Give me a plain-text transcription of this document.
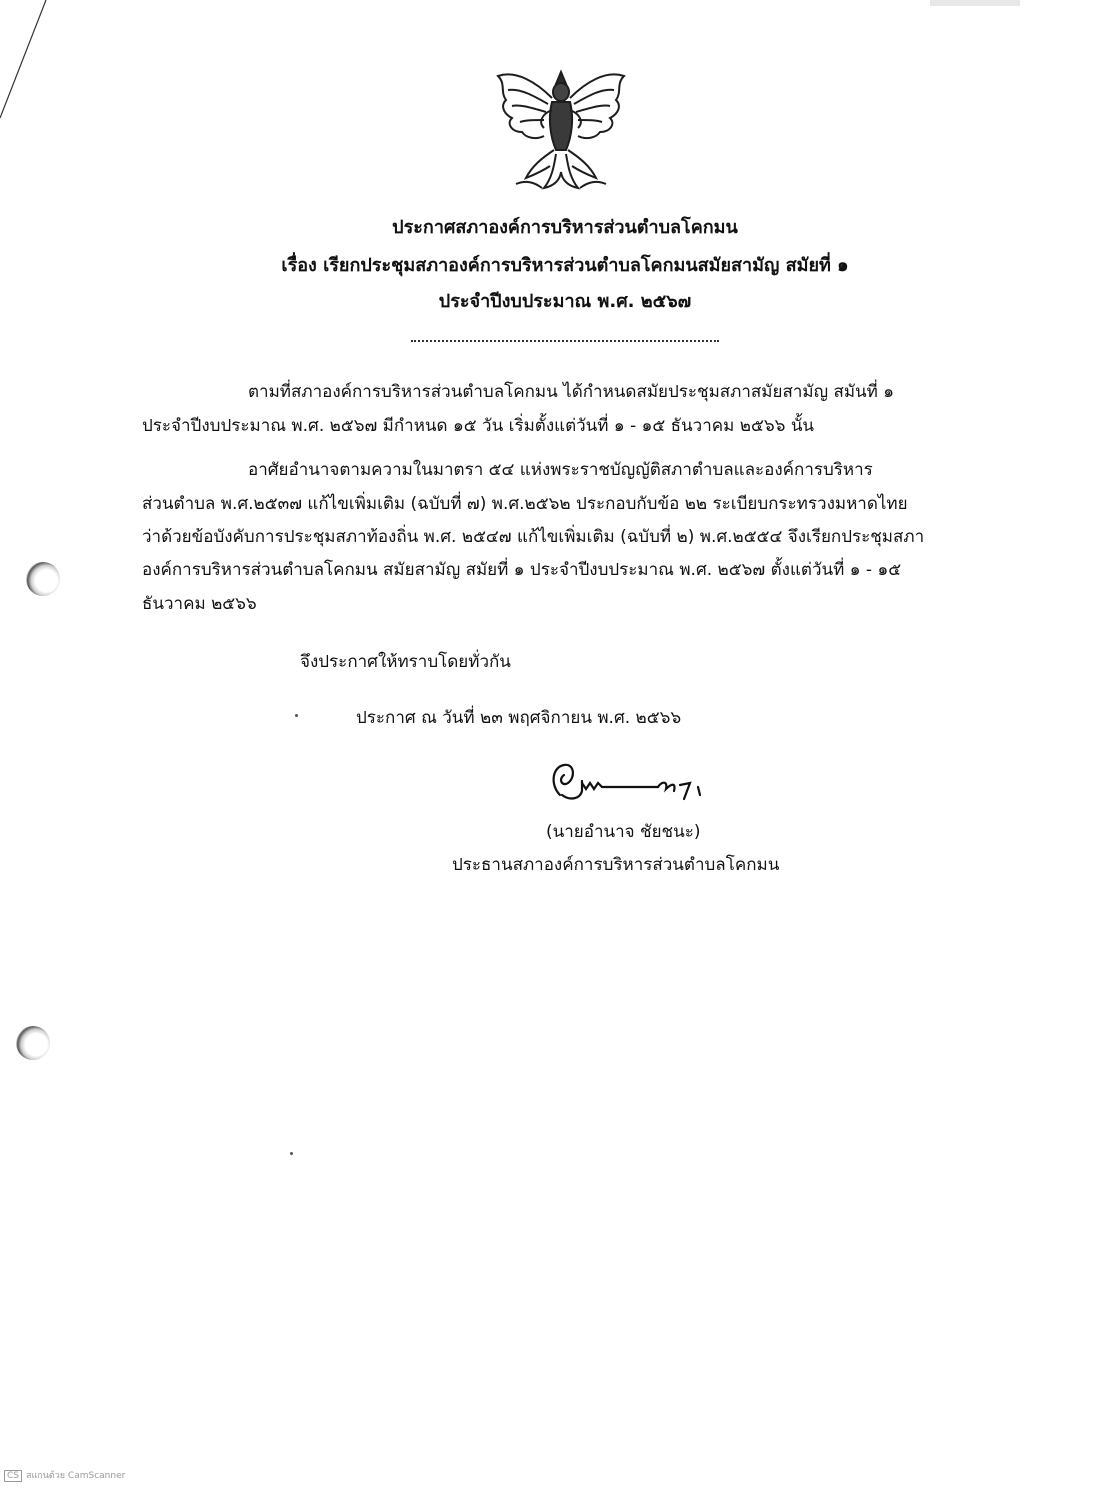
ประกาศสภาองค์การบริหารส่วนตำบลโคกมน
เรื่อง เรียกประชุมสภาองค์การบริหารส่วนตำบลโคกมนสมัยสามัญ สมัยที่ ๑
ประจำปีงบประมาณ พ.ศ. ๒๕๖๗
ตามที่สภาองค์การบริหารส่วนตำบลโคกมน ได้กำหนดสมัยประชุมสภาสมัยสามัญ สมันที่ ๑
ประจำปีงบประมาณ พ.ศ. ๒๕๖๗ มีกำหนด ๑๕ วัน เริ่มตั้งแต่วันที่ ๑ - ๑๕ ธันวาคม ๒๕๖๖ นั้น
อาศัยอำนาจตามความในมาตรา ๕๔ แห่งพระราชบัญญัติสภาตำบลและองค์การบริหาร
ส่วนตำบล พ.ศ.๒๕๓๗ แก้ไขเพิ่มเติม (ฉบับที่ ๗) พ.ศ.๒๕๖๒ ประกอบกับข้อ ๒๒ ระเบียบกระทรวงมหาดไทย
ว่าด้วยข้อบังคับการประชุมสภาท้องถิ่น พ.ศ. ๒๕๔๗ แก้ไขเพิ่มเติม (ฉบับที่ ๒) พ.ศ.๒๕๕๔ จึงเรียกประชุมสภา
องค์การบริหารส่วนตำบลโคกมน สมัยสามัญ สมัยที่ ๑ ประจำปีงบประมาณ พ.ศ. ๒๕๖๗ ตั้งแต่วันที่ ๑ - ๑๕
ธันวาคม ๒๕๖๖
จึงประกาศให้ทราบโดยทั่วกัน
ประกาศ ณ วันที่ ๒๓ พฤศจิกายน พ.ศ. ๒๕๖๖
(นายอำนาจ ชัยชนะ)
ประธานสภาองค์การบริหารส่วนตำบลโคกมน
CS สแกนด้วย CamScanner
